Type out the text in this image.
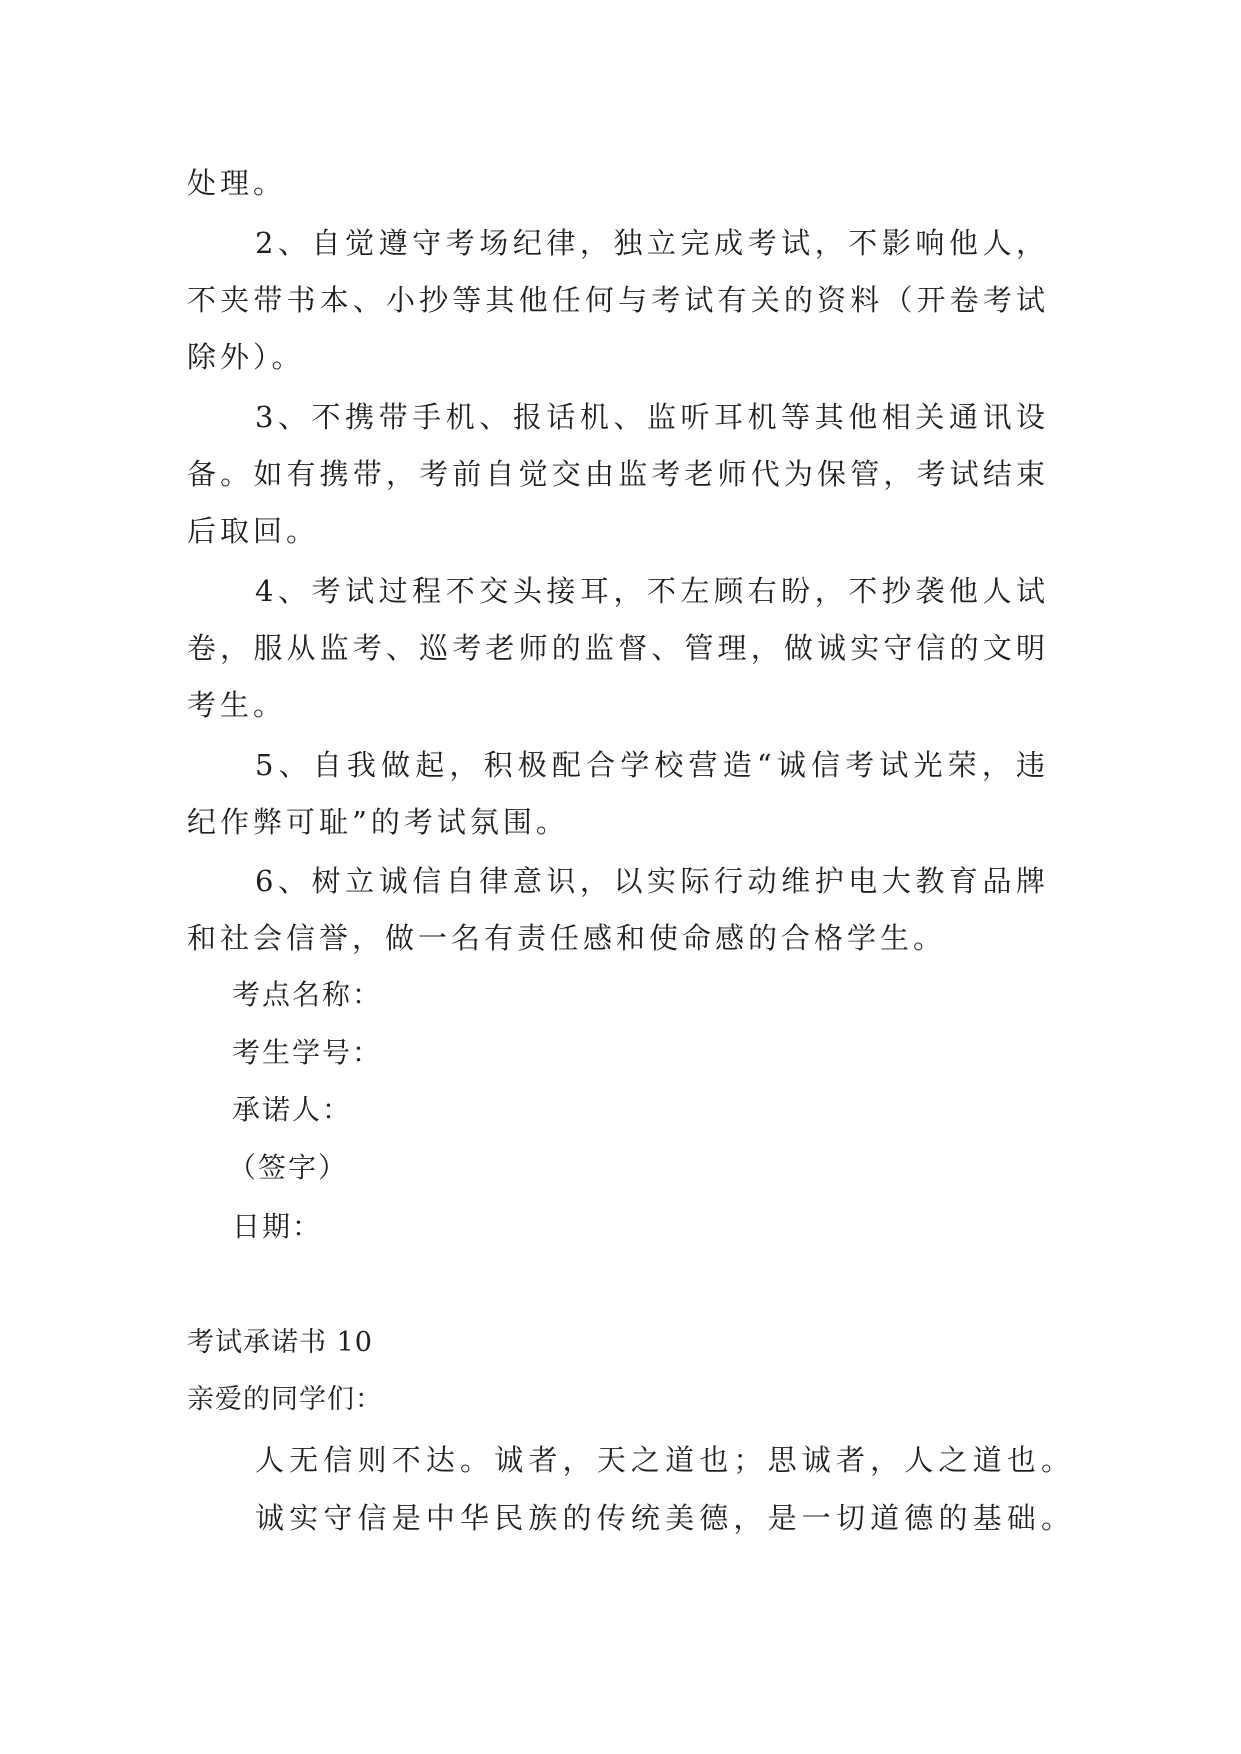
处理。
2、自觉遵守考场纪律，独立完成考试，不影响他人，
不夹带书本、小抄等其他任何与考试有关的资料（开卷考试
除外）。
3、不携带手机、报话机、监听耳机等其他相关通讯设
备。如有携带，考前自觉交由监考老师代为保管，考试结束
后取回。
4、考试过程不交头接耳，不左顾右盼，不抄袭他人试
卷，服从监考、巡考老师的监督、管理，做诚实守信的文明
考生。
5、自我做起，积极配合学校营造“诚信考试光荣，违
纪作弊可耻”的考试氛围。
6、树立诚信自律意识，以实际行动维护电大教育品牌
和社会信誉，做一名有责任感和使命感的合格学生。
考点名称：
考生学号：
承诺人：
（签字）
日期：
考试承诺书 10
亲爱的同学们：
人无信则不达。诚者，天之道也；思诚者，人之道也。
诚实守信是中华民族的传统美德，是一切道德的基础。
